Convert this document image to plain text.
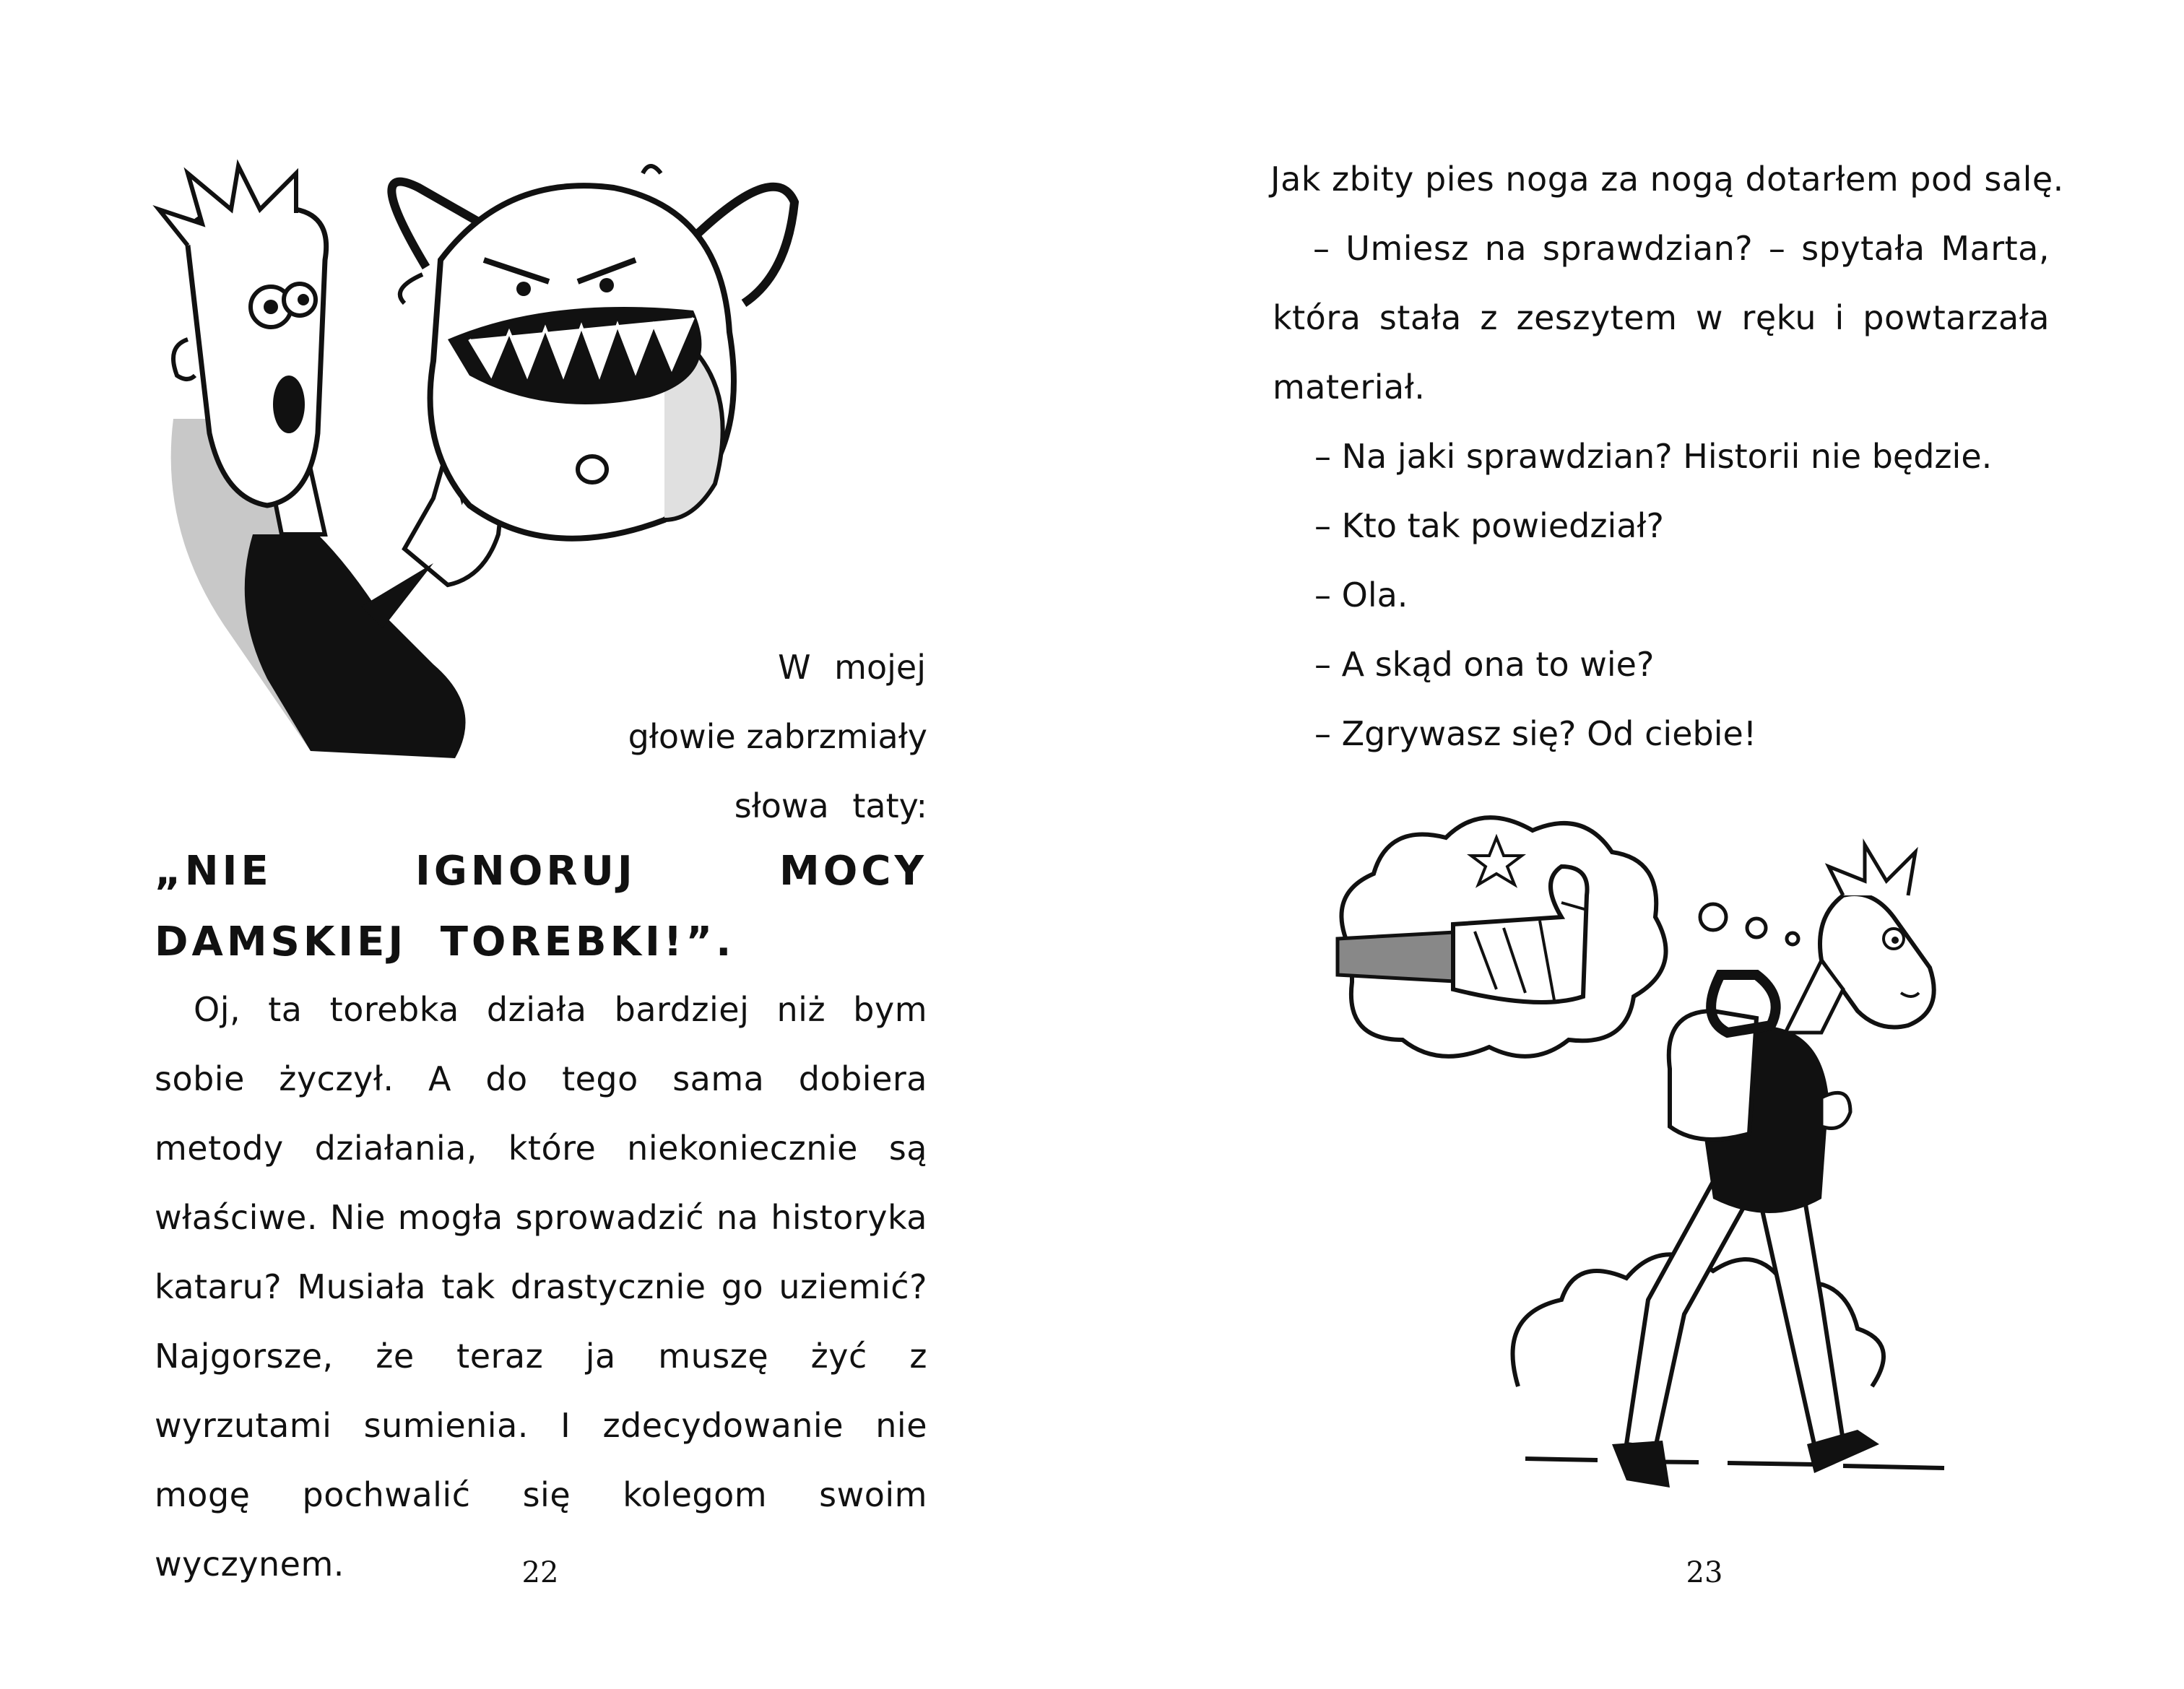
W mojej
głowie zabrzmiały
słowa taty:

„NIE IGNORUJ MOCY DAMSKIEJ TOREBKI!”.

Oj, ta torebka działa bardziej niż bym sobie życzył. A do tego sama dobiera metody działania, które niekoniecznie są właściwe. Nie mogła sprowadzić na historyka kataru? Musiała tak drastycznie go uziemić? Najgorsze, że teraz ja muszę żyć z wyrzutami sumienia. I zdecydowanie nie mogę pochwalić się kolegom swoim wyczynem.	22

Jak zbity pies noga za nogą dotarłem pod salę.

– Umiesz na sprawdzian? – spytała Marta, która stała z zeszytem w ręku i powtarzała materiał.

– Na jaki sprawdzian? Historii nie będzie.
– Kto tak powiedział?
– Ola.
– A skąd ona to wie?
– Zgrywasz się? Od ciebie!
23
